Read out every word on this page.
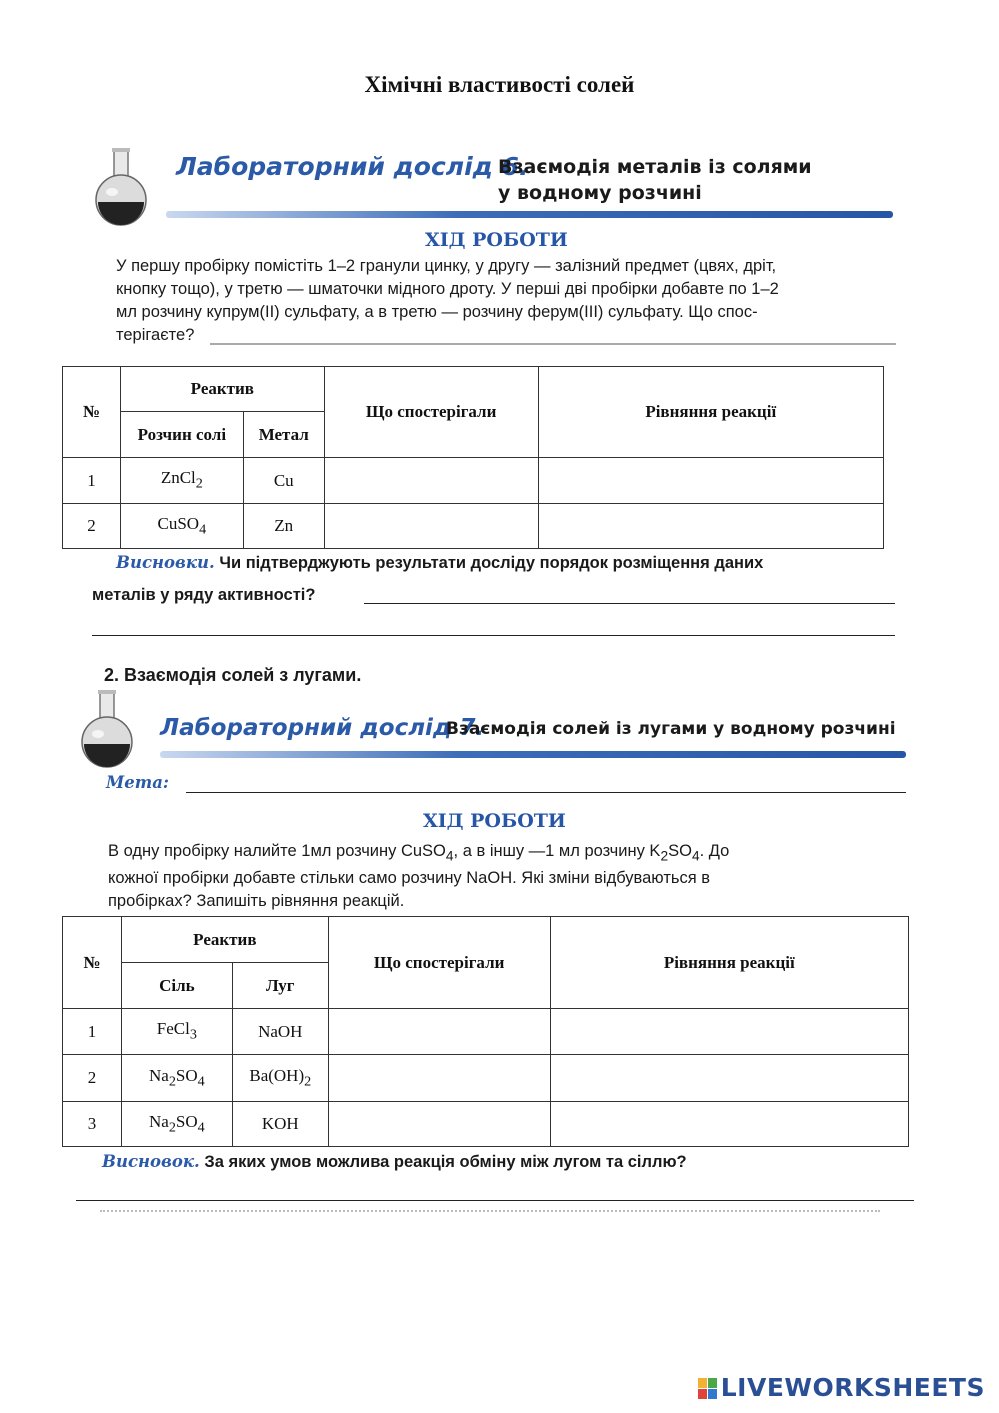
Хімічні властивості солей
Лабораторний дослід 6.
Взаємодія металів із солями
у водному розчині
ХІД РОБОТИ
У першу пробірку помістіть 1–2 гранули цинку, у другу — залізний предмет (цвях, дріт,
кнопку тощо), у третю — шматочки мідного дроту. У перші дві пробірки добавте по 1–2
мл розчину купрум(ІІ) сульфату, а в третю — розчину ферум(ІІІ) сульфату. Що спос-
терігаєте?
№	Реактив		Що спостерігали	Рівняння реакції
	Розчин солі	Метал		
1	ZnCl$_2$	Cu		
2	CuSO$_4$	Zn		
Висновки. Чи підтверджують результати досліду порядок розміщення даних
металів у ряду активності?
2. Взаємодія солей з лугами.
Лабораторний дослід 7.
Взаємодія солей із лугами у водному розчині
Мета:
ХІД РОБОТИ
В одну пробірку налийте 1мл розчину CuSO$_4$, а в іншу —1 мл розчину $K_2SO_4$. До
кожної пробірки добавте стільки само розчину NaOH. Які зміни відбуваються в
пробірках? Запишіть рівняння реакцій.
№	Реактив		Що спостерігали	Рівняння реакції
	Сіль	Луг		
1	FeCl$_3$	NaOH		
2	$Na_2SO_4$	$Ba(OH)_2$		
3	$Na_2SO_4$	KOH		
Висновок. За яких умов можлива реакція обміну між лугом та сіллю?
LIVEWORKSHEETS
